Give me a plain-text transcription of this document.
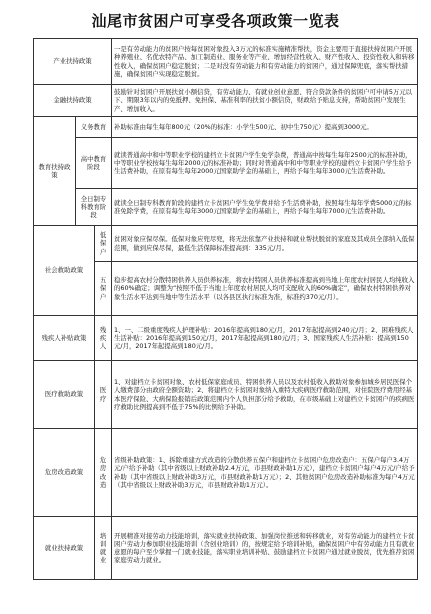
汕尾市贫困户可享受各项政策一览表
产业扶持政策			一是有劳动能力的贫困户按每贫困对象投入3万元的标准实施精准帮扶，资金主要用于直接扶持贫困户开展种养殖业、名优农特产品、加工制造业、服务业等产业、增加经营性收入、财产性收入、投资性收入和转移性收入，确保贫困户稳定脱贫；二是对没有劳动能力和有劳动能力的贫困户，通过保障兜底，落实帮扶措施，确保贫困户实现稳定脱贫。
金融扶持政策			鼓励针对贫困户开展扶贫小额信贷，有劳动能力、有就业创业意愿、符合贷款条件的贫困户可申请5万元以下、期限3年以内的免抵押、免担保、基准利率的扶贫小额信贷，财政给予贴息支持，帮助贫困户发展生产、增加收入。
教育扶持政策	义务教育		补助标准由每生每年800元（20%的标准：小学生500元、初中生750元）提高到3000元。
	高中教育阶段		就读普通高中和中等职业学校的建档立卡贫困户学生免学杂费，普通高中按每生每年2500元的标准补助，中等职业学校按每生每年2000元的标准补助；同时对普通高中和中等职业学校的建档立卡贫困户学生给予生活费补助，在原有每生每年2000元国家助学金的基础上，再给予每生每年3000元生活费补助。
	全日制专科教育阶段		就读全日制专科教育阶段的建档立卡贫困户学生免学费并给予生活费补助，按照每生每年学费5000元的标准免除学费，在原有每生每年3000元国家助学金的基础上，再给予每生每年7000元生活费补助。
社会救助政策		低保户	贫困对象应保尽保。低保对象应兜尽兜，将无法依靠产业扶持和就业帮扶脱贫的家庭及其成员全部纳入低保范围，做到应保尽保，最低生活保障标准提高到：335元/月。
		五保户	稳步提高农村分散特困供养人员供养标准，将农村特困人员供养标准提高到当地上年度农村居民人均纯收入的60%确定；调整为“按照不低于当地上年度农村居民人均可支配收入的60%确定”，确保农村特困供养对象生活水平达到当地中等生活水平（以各县区执行标准为准，标准约370元/月）。
残疾人补贴政策		残疾人	1、一、二级重度残疾人护理补贴：2016年提高到180元/月，2017年起提高到240元/月；2、困难残疾人生活补贴：2016年提高到150元/月，2017年起提高到180元/月；3、国家残疾人生活补贴：提高到150元/月，2017年起提高到180元/月。
医疗救助政策		医疗	1、对建档立卡贫困对象、农村低保家庭成员、特困供养人员以及农村低收入救助对象参加城乡居民医保个人缴费部分由政府全额资助；2、将建档立卡贫困对象纳入重特大疾病医疗救助范围，对住院医疗费用经基本医疗保险、大病保险报销后政策范围内个人负担部分给予救助，在市级基础上对建档立卡贫困户的疾病医疗救助比例提高到不低于75%的比例给予补助。
危房改造政策		危房改造	省级补助政策：1、拆除重建方式改造的分散供养五保户和建档立卡贫困户危房改造户：五保户每户3.4万元/户给予补助（其中省级以上财政补助2.4万元，市县财政补助1万元），建档立卡贫困户每户4万元/户给予补助（其中省级以上财政补助3万元，市县财政补助1万元）；2、其他贫困户危房改造补助标准为每户4万元（其中省级以上财政补助3万元，市县财政补助1万元）。
就业扶持政策		培训就业	开展精准对接劳动力技能培训，落实就业扶持政策、加强岗位推送和转移就业，对有劳动能力的建档立卡贫困户劳动力参加职业技能培训（含创业培训）的，按规定给予培训补贴，确保贫困户中有劳动能力且有就业意愿的每户至少掌握一门就业技能，落实职业培训补贴、鼓励建档立卡贫困户通过就业脱贫，优先推荐贫困家庭劳动力就业。
